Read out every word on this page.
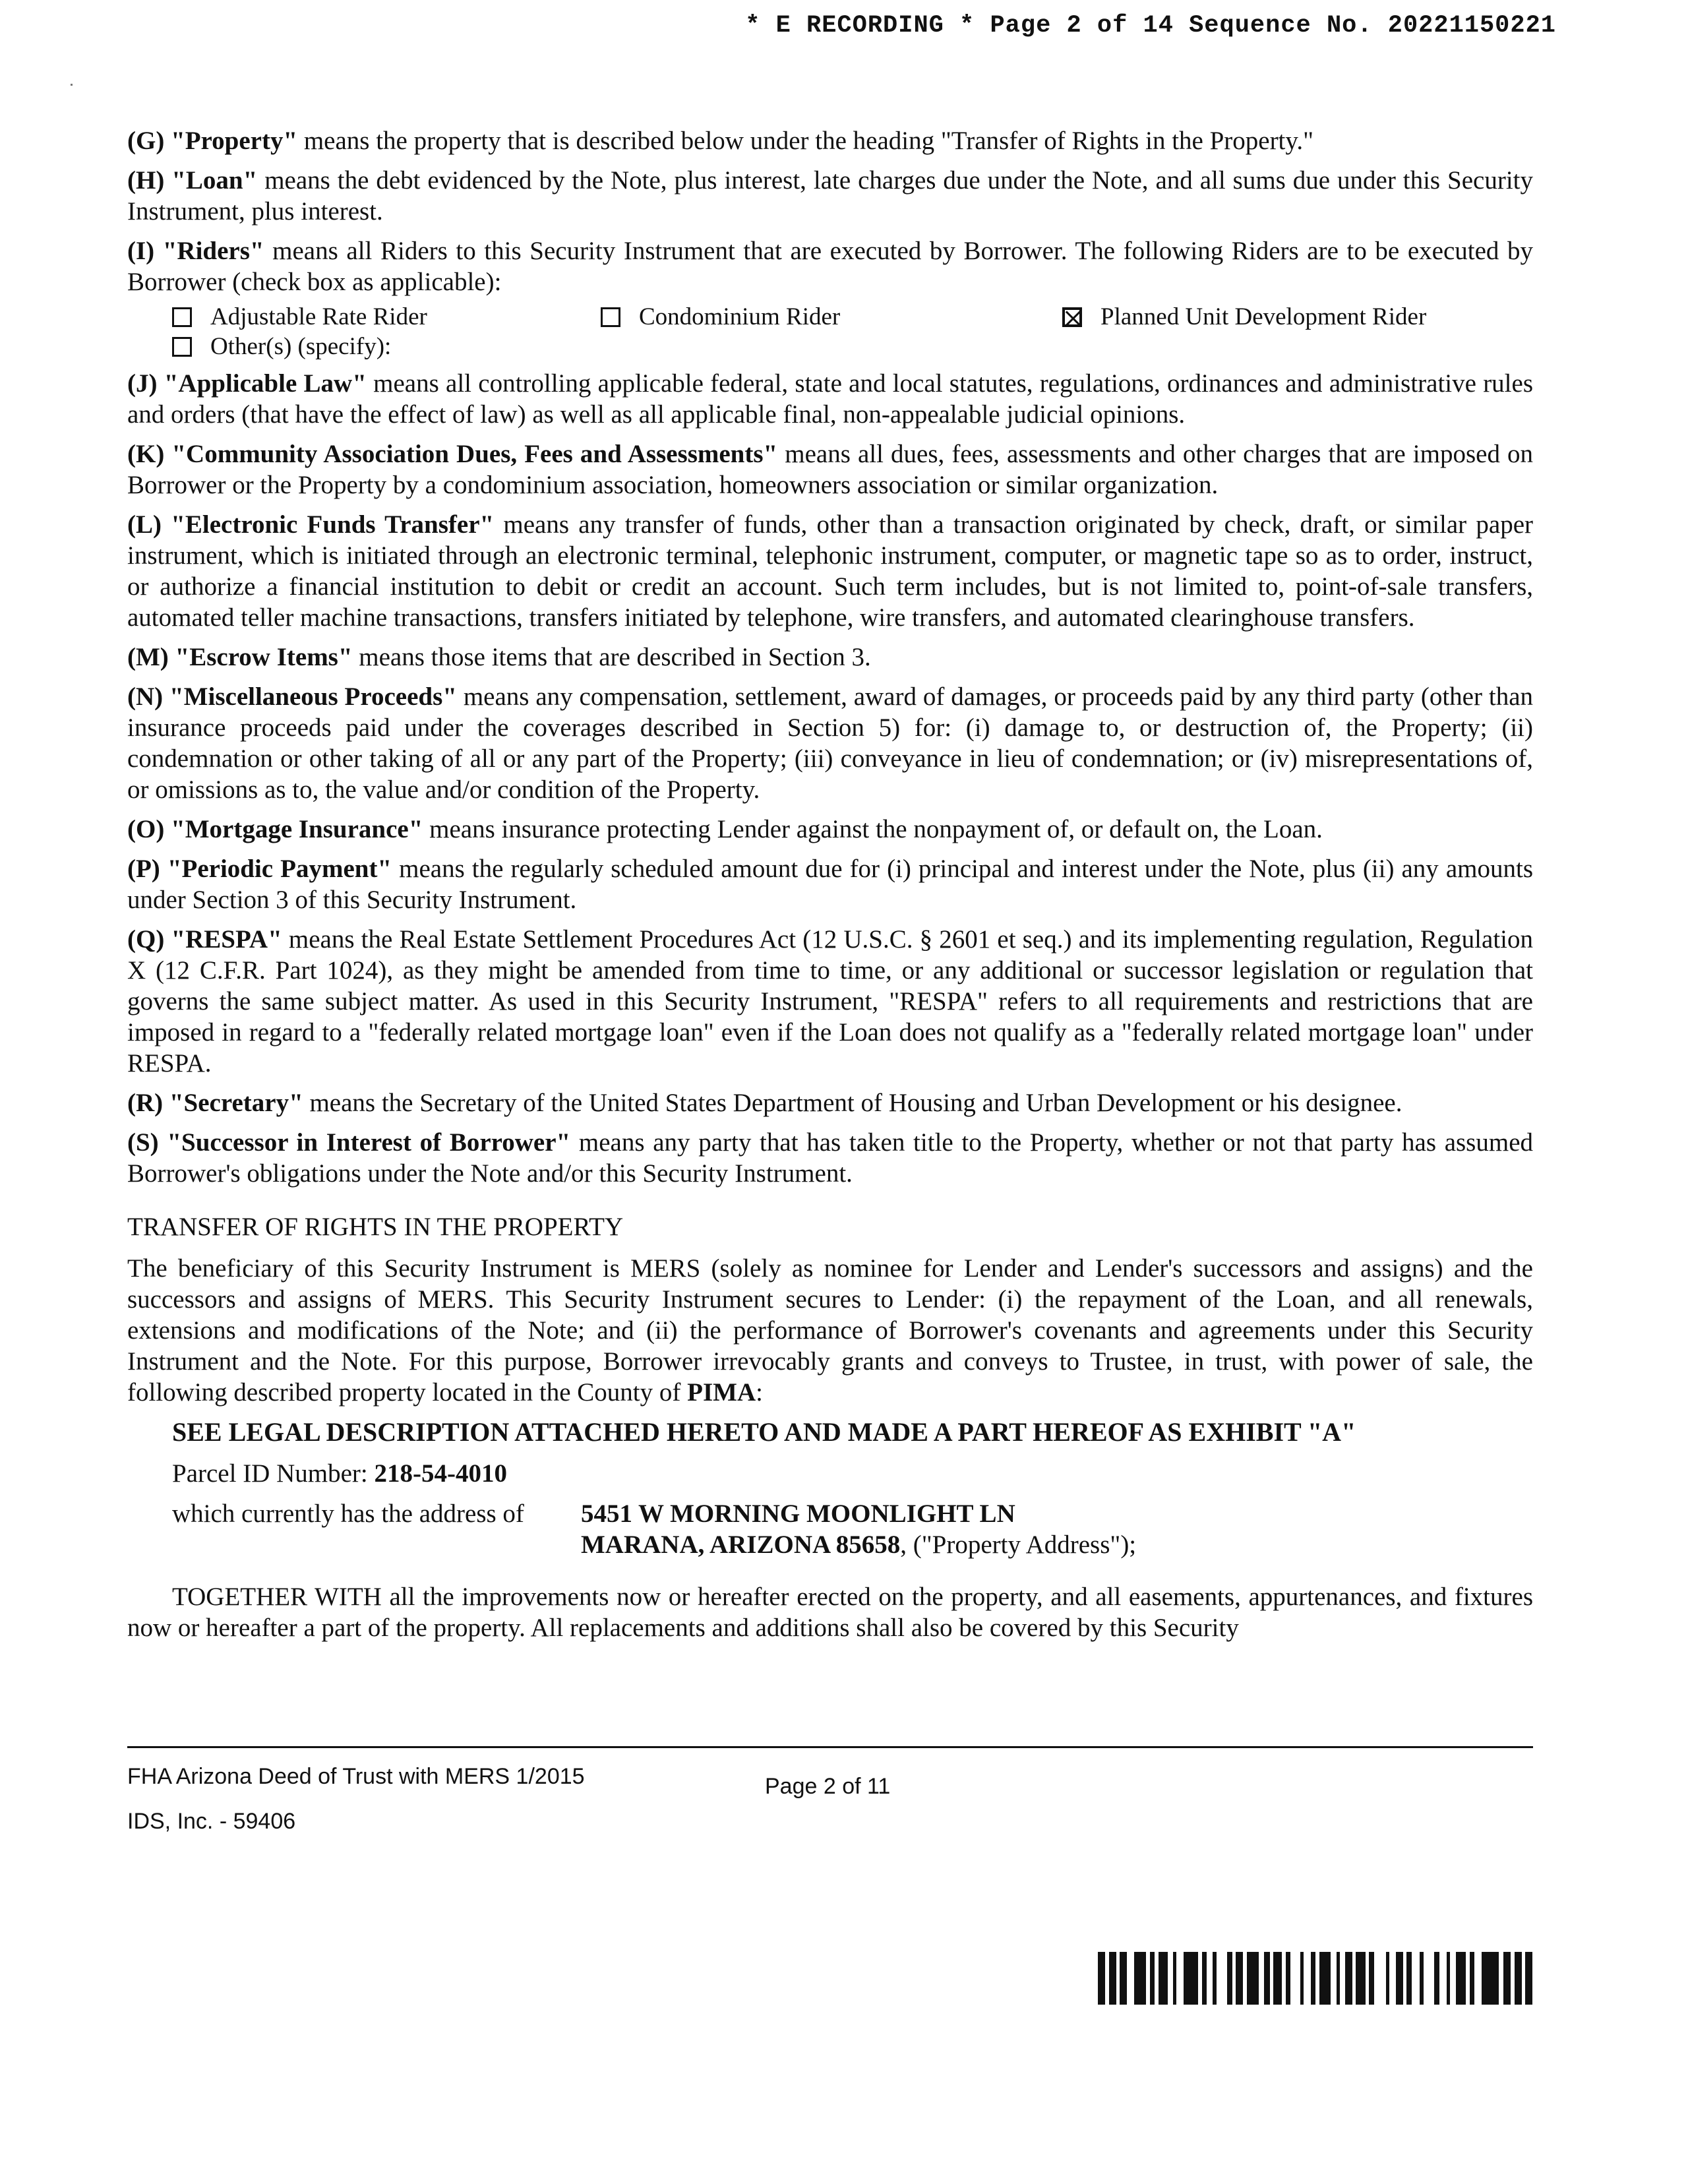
* E RECORDING * Page 2 of 14 Sequence No. 20221150221

(G) "Property" means the property that is described below under the heading "Transfer of Rights in the Property."

(H) "Loan" means the debt evidenced by the Note, plus interest, late charges due under the Note, and all sums due under this Security Instrument, plus interest.

(I) "Riders" means all Riders to this Security Instrument that are executed by Borrower. The following Riders are to be executed by Borrower (check box as applicable):

Adjustable Rate Rider	Condominium Rider	Planned Unit Development Rider
Other(s) (specify):

(J) "Applicable Law" means all controlling applicable federal, state and local statutes, regulations, ordinances and administrative rules and orders (that have the effect of law) as well as all applicable final, non-appealable judicial opinions.

(K) "Community Association Dues, Fees and Assessments" means all dues, fees, assessments and other charges that are imposed on Borrower or the Property by a condominium association, homeowners association or similar organization.

(L) "Electronic Funds Transfer" means any transfer of funds, other than a transaction originated by check, draft, or similar paper instrument, which is initiated through an electronic terminal, telephonic instrument, computer, or magnetic tape so as to order, instruct, or authorize a financial institution to debit or credit an account. Such term includes, but is not limited to, point-of-sale transfers, automated teller machine transactions, transfers initiated by telephone, wire transfers, and automated clearinghouse transfers.

(M) "Escrow Items" means those items that are described in Section 3.

(N) "Miscellaneous Proceeds" means any compensation, settlement, award of damages, or proceeds paid by any third party (other than insurance proceeds paid under the coverages described in Section 5) for: (i) damage to, or destruction of, the Property; (ii) condemnation or other taking of all or any part of the Property; (iii) conveyance in lieu of condemnation; or (iv) misrepresentations of, or omissions as to, the value and/or condition of the Property.

(O) "Mortgage Insurance" means insurance protecting Lender against the nonpayment of, or default on, the Loan.

(P) "Periodic Payment" means the regularly scheduled amount due for (i) principal and interest under the Note, plus (ii) any amounts under Section 3 of this Security Instrument.

(Q) "RESPA" means the Real Estate Settlement Procedures Act (12 U.S.C. § 2601 et seq.) and its implementing regulation, Regulation X (12 C.F.R. Part 1024), as they might be amended from time to time, or any additional or successor legislation or regulation that governs the same subject matter. As used in this Security Instrument, "RESPA" refers to all requirements and restrictions that are imposed in regard to a "federally related mortgage loan" even if the Loan does not qualify as a "federally related mortgage loan" under RESPA.

(R) "Secretary" means the Secretary of the United States Department of Housing and Urban Development or his designee.

(S) "Successor in Interest of Borrower" means any party that has taken title to the Property, whether or not that party has assumed Borrower's obligations under the Note and/or this Security Instrument.

TRANSFER OF RIGHTS IN THE PROPERTY

The beneficiary of this Security Instrument is MERS (solely as nominee for Lender and Lender's successors and assigns) and the successors and assigns of MERS. This Security Instrument secures to Lender: (i) the repayment of the Loan, and all renewals, extensions and modifications of the Note; and (ii) the performance of Borrower's covenants and agreements under this Security Instrument and the Note. For this purpose, Borrower irrevocably grants and conveys to Trustee, in trust, with power of sale, the following described property located in the County of PIMA:

SEE LEGAL DESCRIPTION ATTACHED HERETO AND MADE A PART HEREOF AS EXHIBIT "A"

Parcel ID Number: 218-54-4010

which currently has the address of	5451 W MORNING MOONLIGHT LN
MARANA, ARIZONA 85658, ("Property Address");

TOGETHER WITH all the improvements now or hereafter erected on the property, and all easements, appurtenances, and fixtures now or hereafter a part of the property. All replacements and additions shall also be covered by this Security

FHA Arizona Deed of Trust with MERS 1/2015
IDS, Inc. - 59406
Page 2 of 11
